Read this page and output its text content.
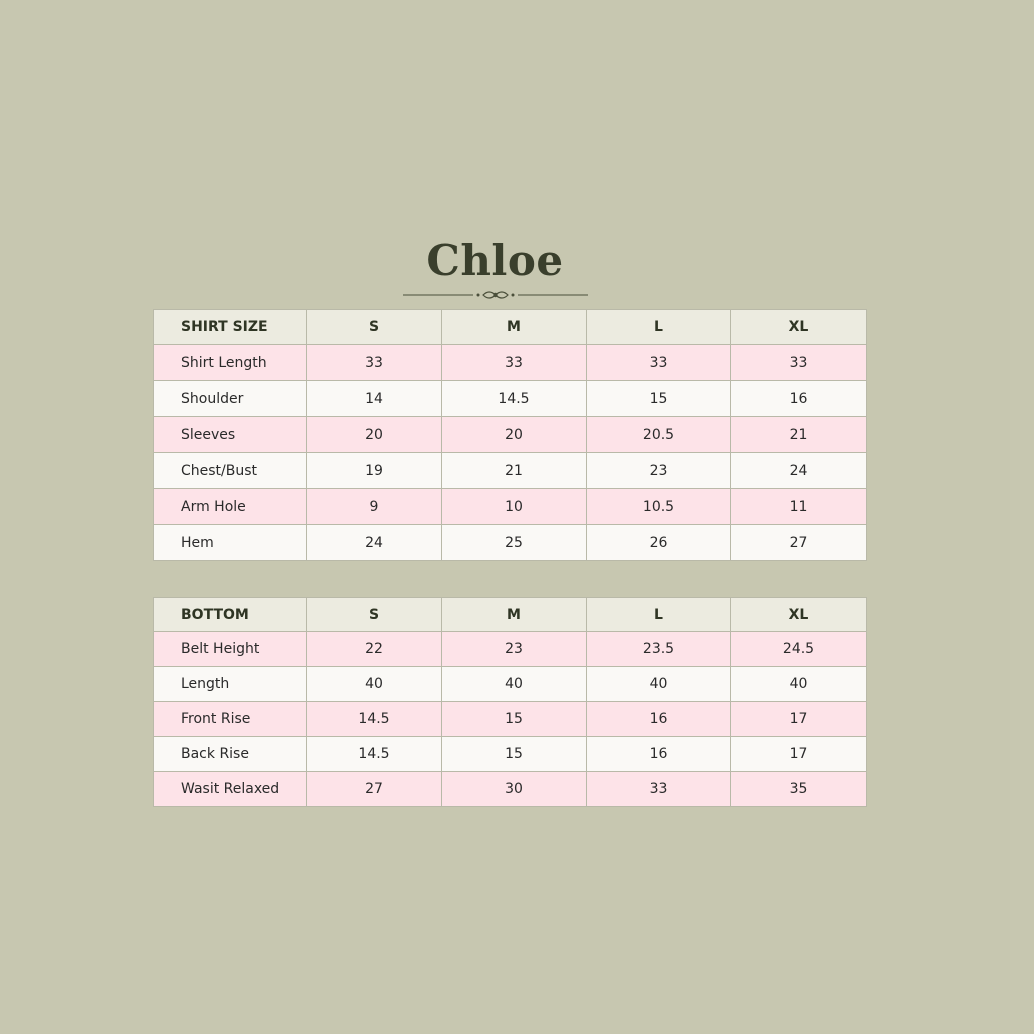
Chloe
SHIRT SIZE	S	M	L	XL
Shirt Length	33	33	33	33
Shoulder	14	14.5	15	16
Sleeves	20	20	20.5	21
Chest/Bust	19	21	23	24
Arm Hole	9	10	10.5	11
Hem	24	25	26	27
BOTTOM	S	M	L	XL
Belt Height	22	23	23.5	24.5
Length	40	40	40	40
Front Rise	14.5	15	16	17
Back Rise	14.5	15	16	17
Wasit Relaxed	27	30	33	35
